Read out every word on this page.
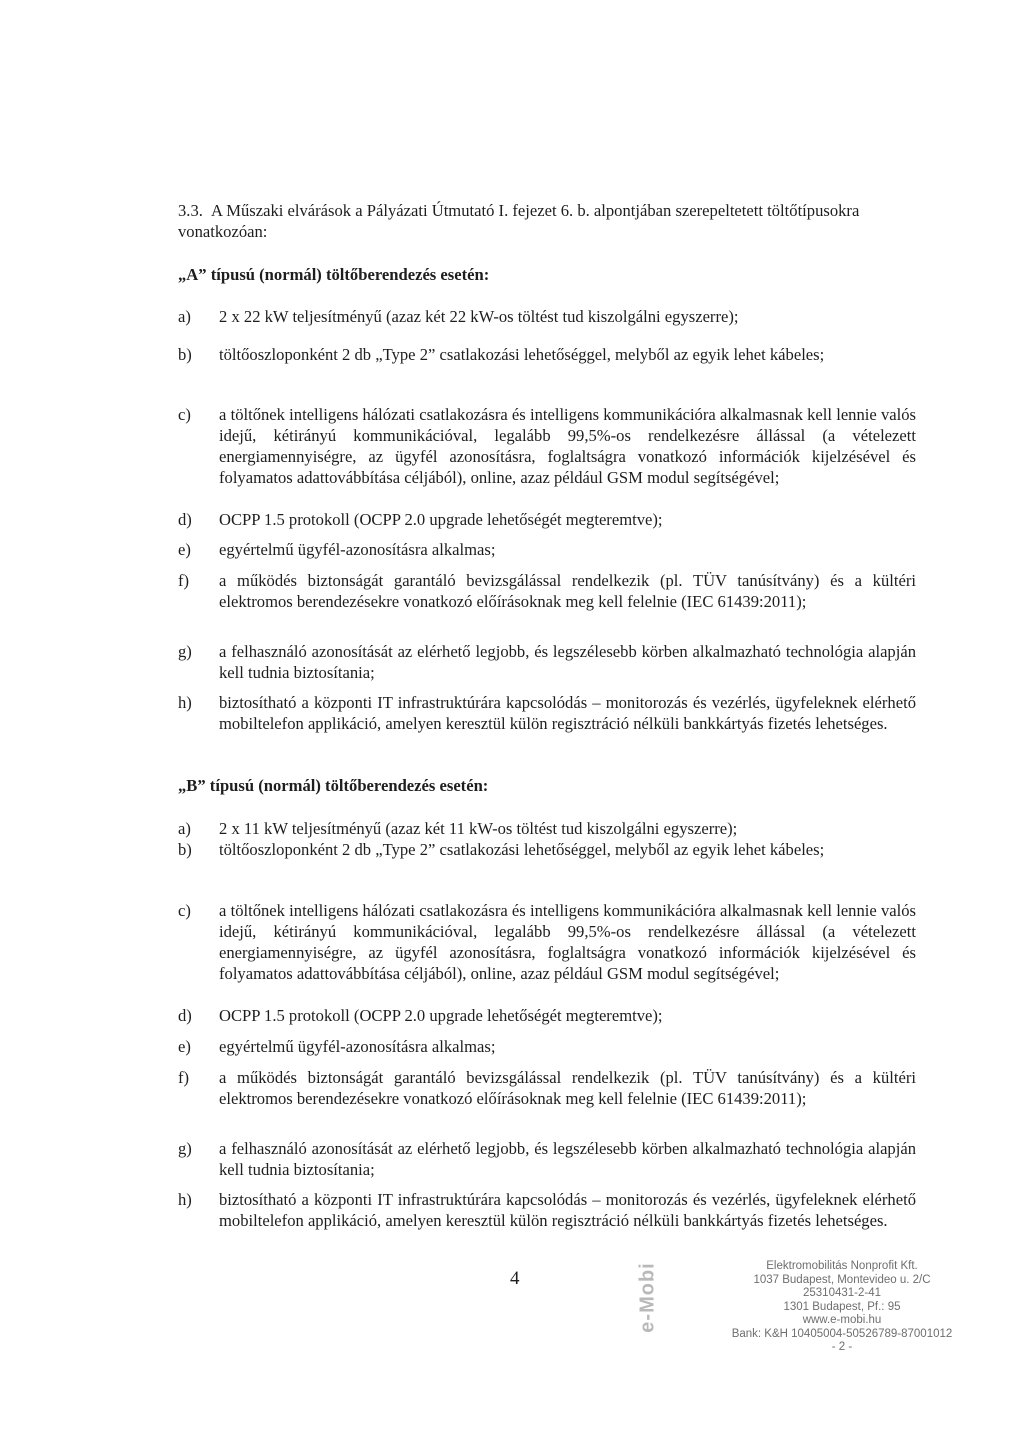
3.3. A Műszaki elvárások a Pályázati Útmutató I. fejezet 6. b. alpontjában szerepeltetett töltőtípusokra vonatkozóan:

„A” típusú (normál) töltőberendezés esetén:
a)	2 x 22 kW teljesítményű (azaz két 22 kW-os töltést tud kiszolgálni egyszerre);
b)	töltőoszloponként 2 db „Type 2” csatlakozási lehetőséggel, melyből az egyik lehet kábeles;
c)	a töltőnek intelligens hálózati csatlakozásra és intelligens kommunikációra alkalmasnak kell lennie valós idejű, kétirányú kommunikációval, legalább 99,5%-os rendelkezésre állással (a vételezett energiamennyiségre, az ügyfél azonosításra, foglaltságra vonatkozó információk kijelzésével és folyamatos adattovábbítása céljából), online, azaz például GSM modul segítségével;
d)	OCPP 1.5 protokoll (OCPP 2.0 upgrade lehetőségét megteremtve);
e)	egyértelmű ügyfél-azonosításra alkalmas;
f)	a működés biztonságát garantáló bevizsgálással rendelkezik (pl. TÜV tanúsítvány) és a kültéri elektromos berendezésekre vonatkozó előírásoknak meg kell felelnie (IEC 61439:2011);
g)	a felhasználó azonosítását az elérhető legjobb, és legszélesebb körben alkalmazható technológia alapján kell tudnia biztosítania;
h)	biztosítható a központi IT infrastruktúrára kapcsolódás – monitorozás és vezérlés, ügyfeleknek elérhető mobiltelefon applikáció, amelyen keresztül külön regisztráció nélküli bankkártyás fizetés lehetséges.
„B” típusú (normál) töltőberendezés esetén:
a)	2 x 11 kW teljesítményű (azaz két 11 kW-os töltést tud kiszolgálni egyszerre);
b)	töltőoszloponként 2 db „Type 2” csatlakozási lehetőséggel, melyből az egyik lehet kábeles;
c)	a töltőnek intelligens hálózati csatlakozásra és intelligens kommunikációra alkalmasnak kell lennie valós idejű, kétirányú kommunikációval, legalább 99,5%-os rendelkezésre állással (a vételezett energiamennyiségre, az ügyfél azonosításra, foglaltságra vonatkozó információk kijelzésével és folyamatos adattovábbítása céljából), online, azaz például GSM modul segítségével;
d)	OCPP 1.5 protokoll (OCPP 2.0 upgrade lehetőségét megteremtve);
e)	egyértelmű ügyfél-azonosításra alkalmas;
f)	a működés biztonságát garantáló bevizsgálással rendelkezik (pl. TÜV tanúsítvány) és a kültéri elektromos berendezésekre vonatkozó előírásoknak meg kell felelnie (IEC 61439:2011);
g)	a felhasználó azonosítását az elérhető legjobb, és legszélesebb körben alkalmazható technológia alapján kell tudnia biztosítania;
h)	biztosítható a központi IT infrastruktúrára kapcsolódás – monitorozás és vezérlés, ügyfeleknek elérhető mobiltelefon applikáció, amelyen keresztül külön regisztráció nélküli bankkártyás fizetés lehetséges.
4	e-Mobi	Elektromobilitás Nonprofit Kft.
1037 Budapest, Montevideo u. 2/C
25310431-2-41
1301 Budapest, Pf.: 95
www.e-mobi.hu
Bank: K&H 10405004-50526789-87001012
- 2 -
